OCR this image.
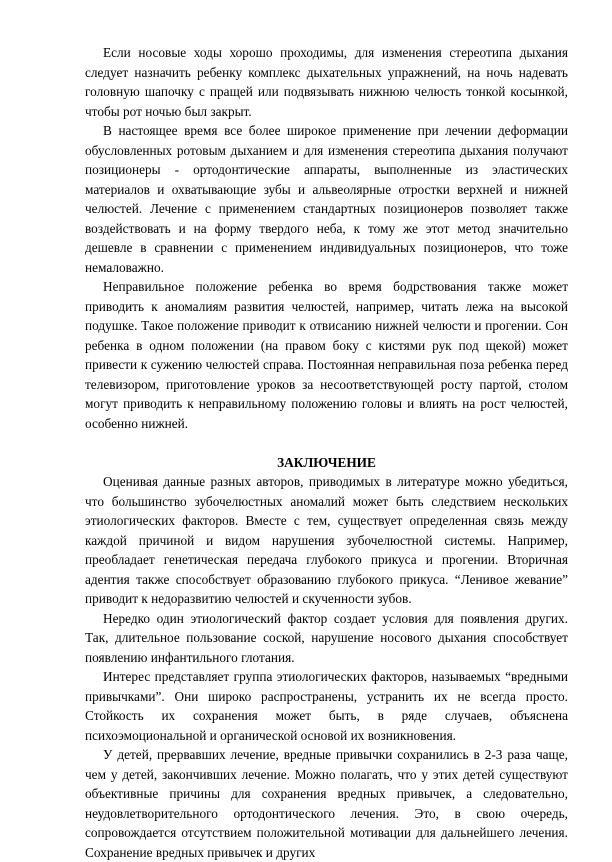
Если носовые ходы хорошо проходимы, для изменения стереотипа дыхания следует назначить ребенку комплекс дыхательных упражнений, на ночь надевать головную шапочку с пращей или подвязывать нижнюю челюсть тонкой косынкой, чтобы рот ночью был закрыт.

В настоящее время все более широкое применение при лечении деформации обусловленных ротовым дыханием и для изменения стереотипа дыхания получают позиционеры - ортодонтические аппараты, выполненные из эластических материалов и охватывающие зубы и альвеолярные отростки верхней и нижней челюстей. Лечение с применением стандартных позиционеров позволяет также воздействовать и на форму твердого неба, к тому же этот метод значительно дешевле в сравнении с применением индивидуальных позиционеров, что тоже немаловажно.

Неправильное положение ребенка во время бодрствования также может приводить к аномалиям развития челюстей, например, читать лежа на высокой подушке. Такое положение приводит к отвисанию нижней челюсти и прогении. Сон ребенка в одном положении (на правом боку с кистями рук под щекой) может привести к сужению челюстей справа. Постоянная неправильная поза ребенка перед телевизором, приготовление уроков за несоответствующей росту партой, столом могут приводить к неправильному положению головы и влиять на рост челюстей, особенно нижней.

ЗАКЛЮЧЕНИЕ

Оценивая данные разных авторов, приводимых в литературе можно убедиться, что большинство зубочелюстных аномалий может быть следствием нескольких этиологических факторов. Вместе с тем, существует определенная связь между каждой причиной и видом нарушения зубочелюстной системы. Например, преобладает генетическая передача глубокого прикуса и прогении. Вторичная адентия также способствует образованию глубокого прикуса. “Ленивое жевание” приводит к недоразвитию челюстей и скученности зубов.

Нередко один этиологический фактор создает условия для появления других. Так, длительное пользование соской, нарушение носового дыхания способствует появлению инфантильного глотания.

Интерес представляет группа этиологических факторов, называемых “вредными привычками”. Они широко распространены, устранить их не всегда просто. Стойкость их сохранения может быть, в ряде случаев, объяснена психоэмоциональной и органической основой их возникновения.

У детей, прервавших лечение, вредные привычки сохранились в 2-3 раза чаще, чем у детей, закончивших лечение. Можно полагать, что у этих детей существуют объективные причины для сохранения вредных привычек, а следовательно, неудовлетворительного ортодонтического лечения. Это, в свою очередь, сопровождается отсутствием положительной мотивации для дальнейшего лечения. Сохранение вредных привычек и других
